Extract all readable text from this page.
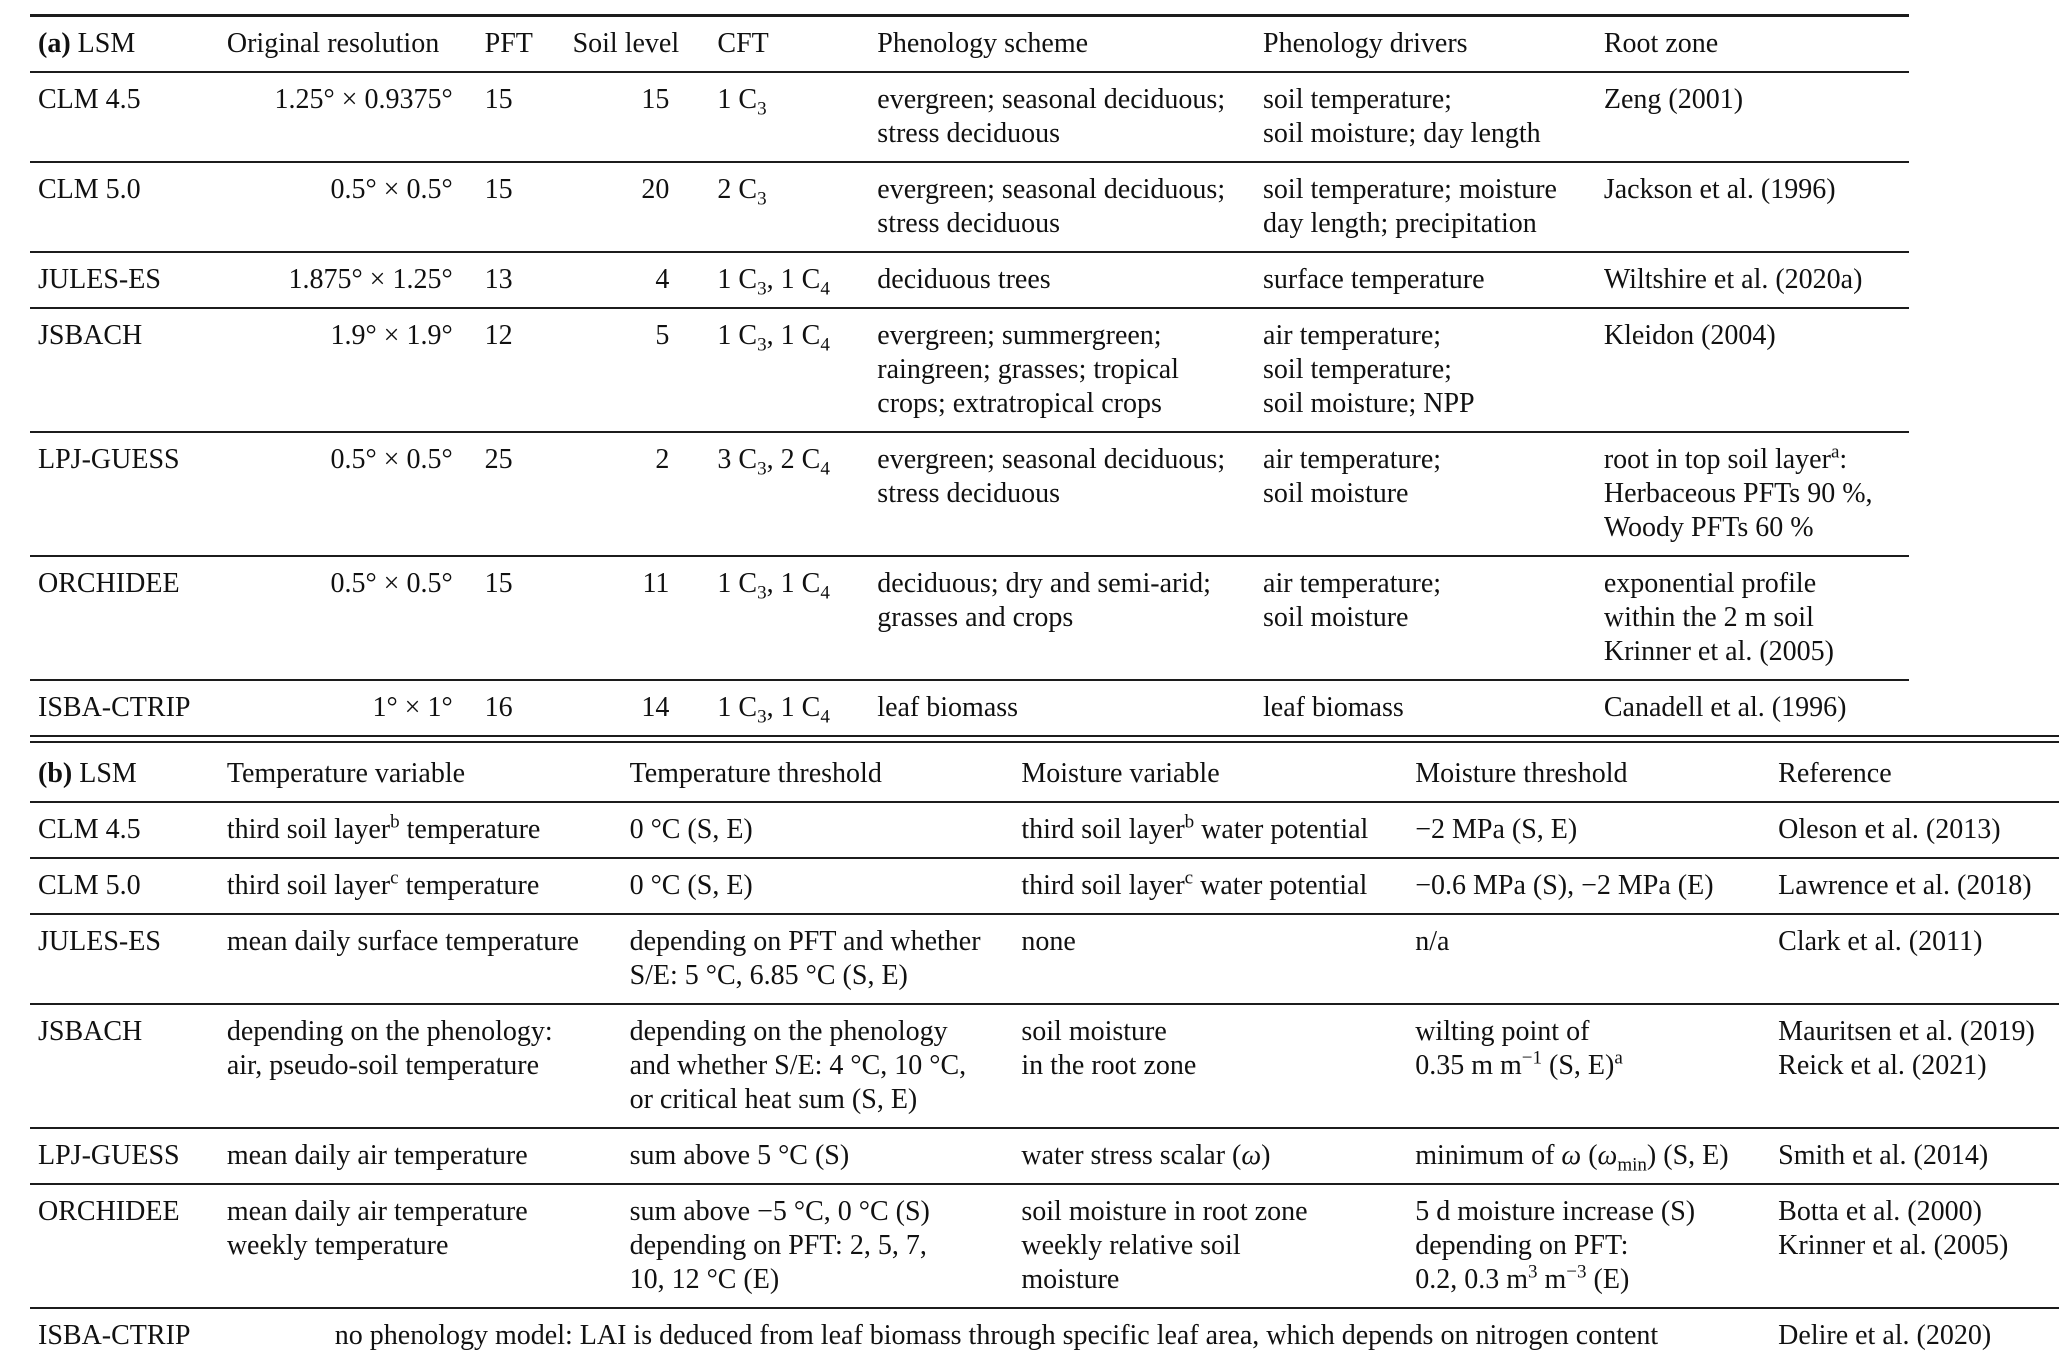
(a) LSM	Original resolution	PFT	Soil level	CFT	Phenology scheme	Phenology drivers	Root zone
CLM 4.5	1.25° × 0.9375°	15	15	1 $C_3$	evergreen; seasonal deciduous;
stress deciduous	soil temperature;
soil moisture; day length	Zeng (2001)
CLM 5.0	0.5° × 0.5°	15	20	2 $C_3$	evergreen; seasonal deciduous;
stress deciduous	soil temperature; moisture
day length; precipitation	Jackson et al. (1996)
JULES-ES	1.875° × 1.25°	13	4	1 $C_3$, 1 $C_4$	deciduous trees	surface temperature	Wiltshire et al. (2020a)
JSBACH	1.9° × 1.9°	12	5	1 $C_3$, 1 $C_4$	evergreen; summergreen;
raingreen; grasses; tropical
crops; extratropical crops	air temperature;
soil temperature;
soil moisture; NPP	Kleidon (2004)
LPJ-GUESS	0.5° × 0.5°	25	2	3 $C_3$, 2 $C_4$	evergreen; seasonal deciduous;
stress deciduous	air temperature;
soil moisture	root in top soil layer$^a$:
Herbaceous PFTs 90 %,
Woody PFTs 60 %
ORCHIDEE	0.5° × 0.5°	15	11	1 $C_3$, 1 $C_4$	deciduous; dry and semi-arid;
grasses and crops	air temperature;
soil moisture	exponential profile
within the 2 m soil
Krinner et al. (2005)
ISBA-CTRIP	1° × 1°	16	14	1 $C_3$, 1 $C_4$	leaf biomass	leaf biomass	Canadell et al. (1996)
(b) LSM	Temperature variable	Temperature threshold	Moisture variable	Moisture threshold	Reference
CLM 4.5	third soil layer$^b$ temperature	0 °C (S, E)	third soil layer$^b$ water potential	−2 MPa (S, E)	Oleson et al. (2013)
CLM 5.0	third soil layer$^c$ temperature	0 °C (S, E)	third soil layer$^c$ water potential	−0.6 MPa (S), −2 MPa (E)	Lawrence et al. (2018)
JULES-ES	mean daily surface temperature	depending on PFT and whether
S/E: 5 °C, 6.85 °C (S, E)	none	n/a	Clark et al. (2011)
JSBACH	depending on the phenology:
air, pseudo-soil temperature	depending on the phenology
and whether S/E: 4 °C, 10 °C,
or critical heat sum (S, E)	soil moisture
in the root zone	wilting point of
0.35 m $m^{-1}$ (S, E)$^a$	Mauritsen et al. (2019)
Reick et al. (2021)
LPJ-GUESS	mean daily air temperature	sum above 5 °C (S)	water stress scalar (ω)	minimum of ω $(\omega_{min})$ (S, E)	Smith et al. (2014)
ORCHIDEE	mean daily air temperature
weekly temperature	sum above −5 °C, 0 °C (S)
depending on PFT: 2, 5, 7,
10, 12 °C (E)	soil moisture in root zone
weekly relative soil
moisture	5 d moisture increase (S)
depending on PFT:
0.2, 0.3 $m^3$ $m^{-3}$ (E)	Botta et al. (2000)
Krinner et al. (2005)
ISBA-CTRIP	no phenology model: LAI is deduced from leaf biomass through specific leaf area, which depends on nitrogen content				Delire et al. (2020)
